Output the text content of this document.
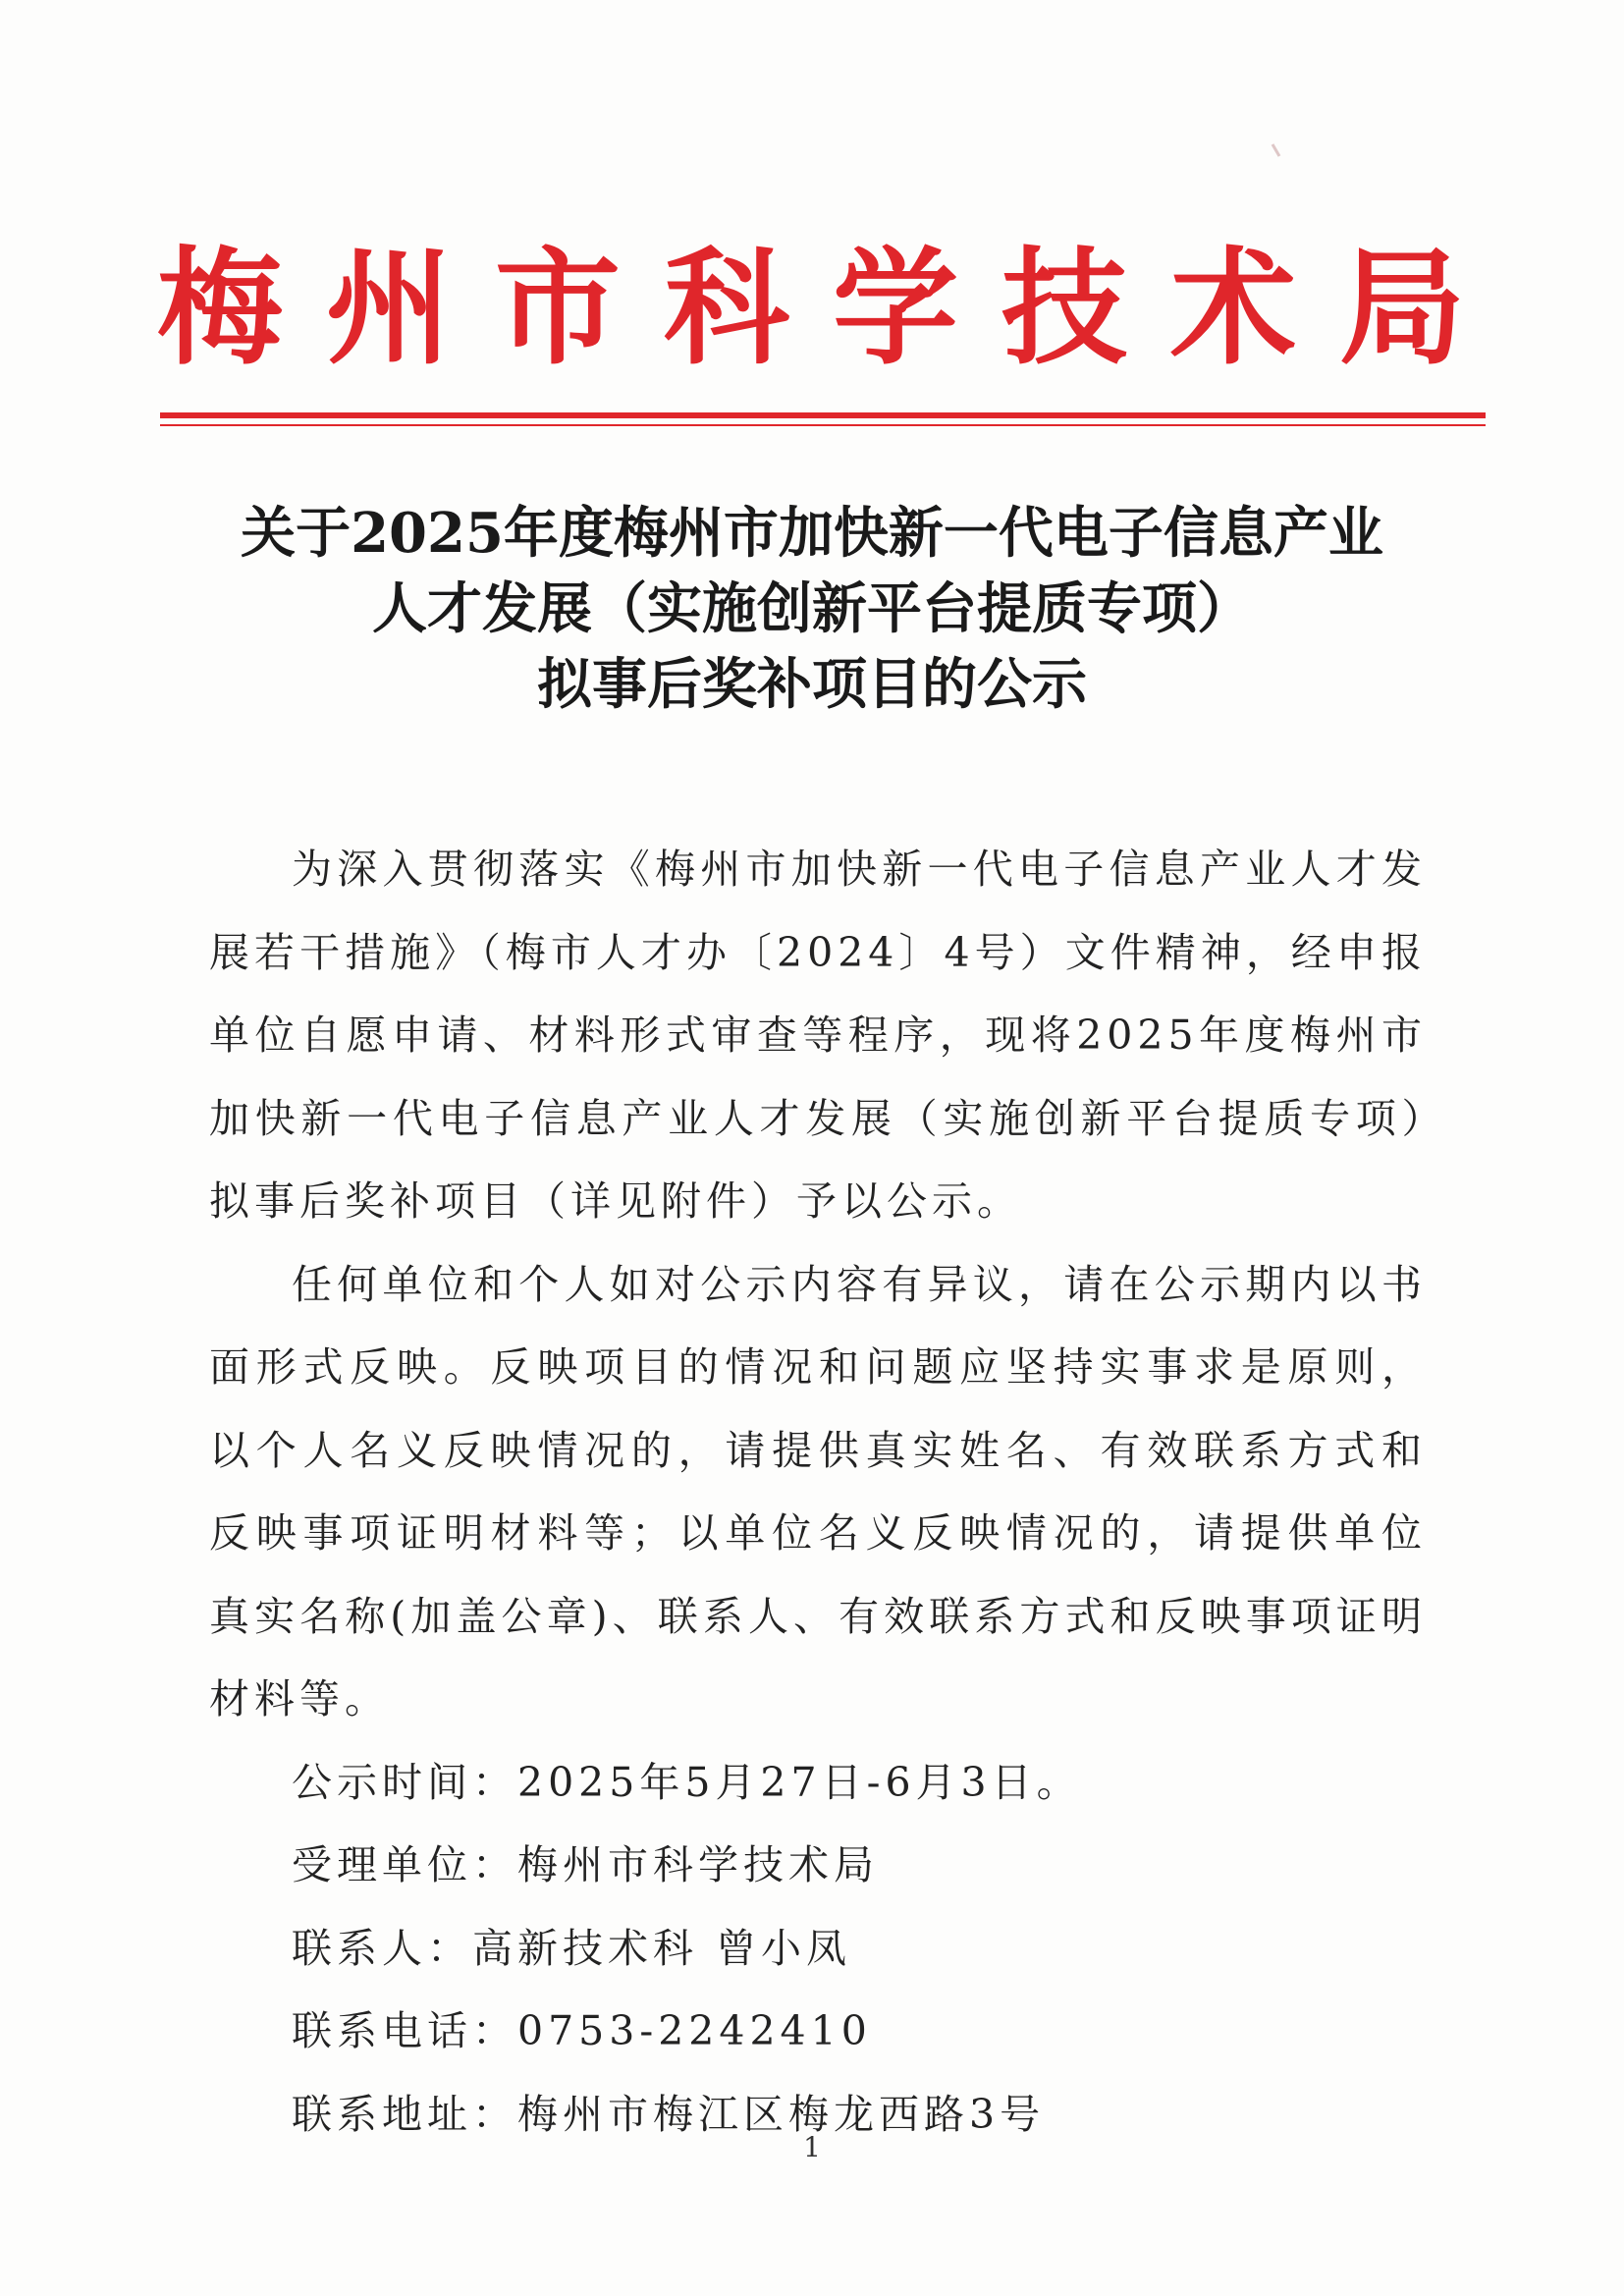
梅州市科学技术局
关于2025年度梅州市加快新一代电子信息产业
人才发展（实施创新平台提质专项）
拟事后奖补项目的公示

为深入贯彻落实《梅州市加快新一代电子信息产业人才发展若干措施》（梅市人才办〔2024〕4号）文件精神，经申报单位自愿申请、材料形式审查等程序，现将2025年度梅州市加快新一代电子信息产业人才发展（实施创新平台提质专项）拟事后奖补项目（详见附件）予以公示。

任何单位和个人如对公示内容有异议，请在公示期内以书面形式反映。反映项目的情况和问题应坚持实事求是原则，以个人名义反映情况的，请提供真实姓名、有效联系方式和反映事项证明材料等；以单位名义反映情况的，请提供单位真实名称(加盖公章)、联系人、有效联系方式和反映事项证明材料等。

公示时间：2025年5月27日-6月3日。
受理单位：梅州市科学技术局
联系人：高新技术科 曾小凤
联系电话：0753-2242410
联系地址：梅州市梅江区梅龙西路3号
1
